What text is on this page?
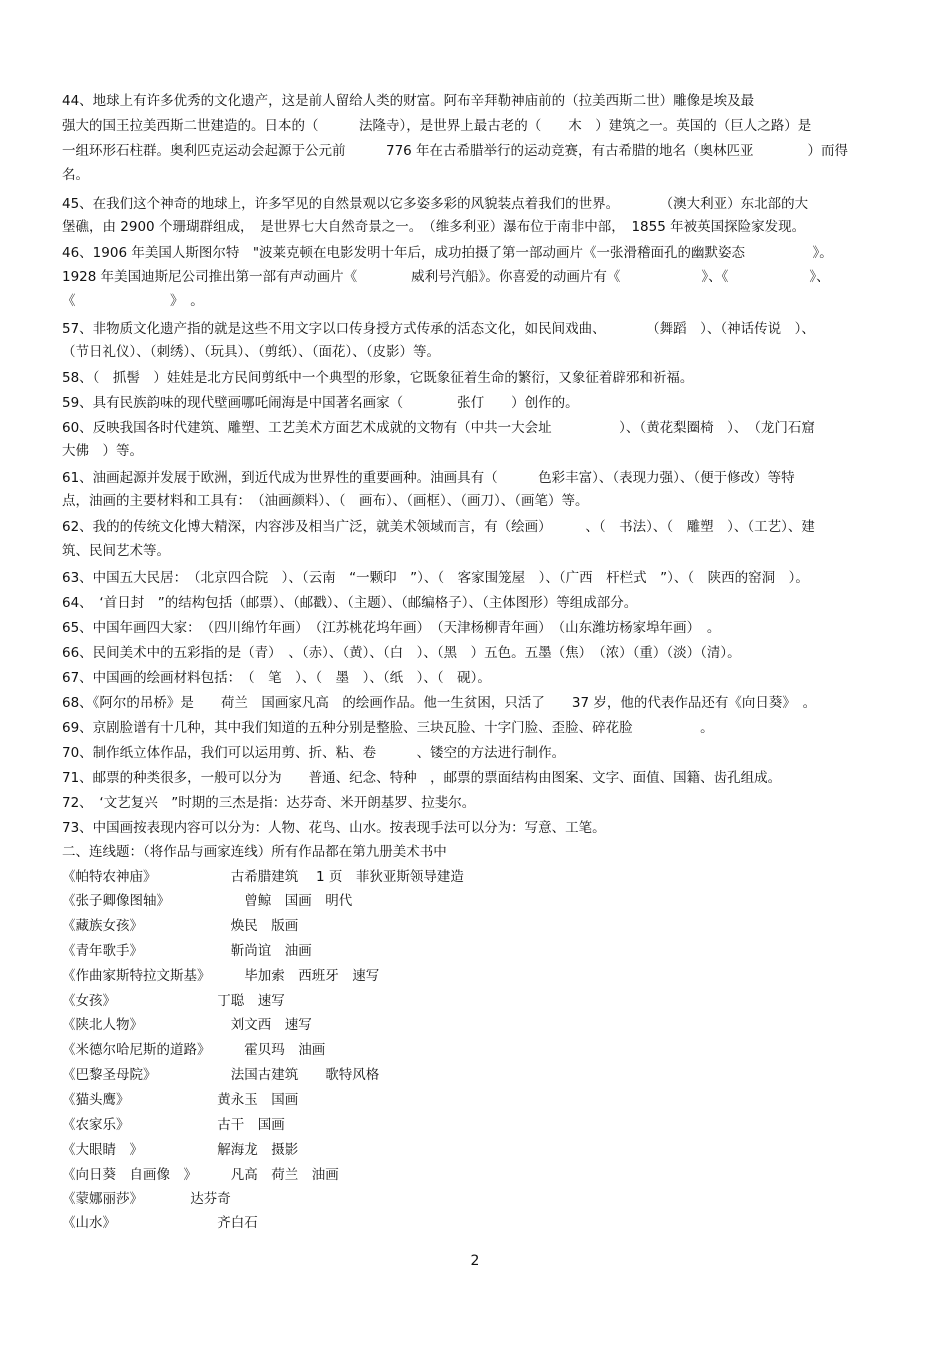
44、地球上有许多优秀的文化遗产，这是前人留给人类的财富。阿布辛拜勒神庙前的（拉美西斯二世）雕像是埃及最

强大的国王拉美西斯二世建造的。日本的（　　　法隆寺），是世界上最古老的（　　木　）建筑之一。英国的（巨人之路）是

一组环形石柱群。奥利匹克运动会起源于公元前　　　776 年在古希腊举行的运动竞赛，有古希腊的地名（奥林匹亚　　　　）而得

名。

45、在我们这个神奇的地球上，许多罕见的自然景观以它多姿多彩的风貌装点着我们的世界。　　　　（澳大利亚）东北部的大

堡礁，由 2900 个珊瑚群组成，　是世界七大自然奇景之一。　（维多利亚）瀑布位于南非中部，　1855 年被英国探险家发现。

46、1906 年美国人斯图尔特　"波莱克顿在电影发明十年后，成功拍摄了第一部动画片《一张滑稽面孔的幽默姿态　　　　　》。

1928 年美国迪斯尼公司推出第一部有声动画片《　　　　威利号汽船》。你喜爱的动画片有《　　　　　　》、《　　　　　　》、

《　　　　　　　》　。

57、非物质文化遗产指的就是这些不用文字以口传身授方式传承的活态文化，如民间戏曲、　　　　（舞蹈　）、（神话传说　）、

（节日礼仪）、（刺绣）、（玩具）、（剪纸）、（面花）、（皮影）等。

58、（　抓髻　）娃娃是北方民间剪纸中一个典型的形象，它既象征着生命的繁衍，又象征着辟邪和祈福。

59、具有民族韵味的现代壁画哪吒闹海是中国著名画家（　　　　张仃　　）创作的。

60、反映我国各时代建筑、雕塑、工艺美术方面艺术成就的文物有（中共一大会址　　　　　）、（黄花梨圈椅　）、　（龙门石窟

大佛　）等。

61、油画起源并发展于欧洲，到近代成为世界性的重要画种。油画具有（　　　色彩丰富）、（表现力强）、（便于修改）等特

点，油画的主要材料和工具有：　（油画颜料）、（　画布）、（画框）、（画刀）、（画笔）等。

62、我的的传统文化博大精深，内容涉及相当广泛，就美术领域而言，有（绘画）　　　、（　书法）、（　雕塑　）、（工艺）、建

筑、民间艺术等。

63、中国五大民居：　（北京四合院　）、（云南　“一颗印　”）、（　客家围笼屋　）、（广西　杆栏式　”）、（　陕西的窑洞　）。

64、　‘首日封　”的结构包括（邮票）、（邮戳）、（主题）、（邮编格子）、（主体图形）等组成部分。

65、中国年画四大家：　（四川绵竹年画）　（江苏桃花坞年画）　（天津杨柳青年画）　（山东潍坊杨家埠年画）　。

66、民间美术中的五彩指的是（青）　、（赤）、（黄）、（白　）、（黑　）五色。五墨（焦）　（浓）（重）（淡）（清）。

67、中国画的绘画材料包括：　（　笔　）、（　墨　）、（纸　）、（　砚）。

68、《阿尔的吊桥》是　　荷兰　国画家凡高　的绘画作品。他一生贫困，只活了　　37 岁，他的代表作品还有《向日葵》　。

69、京剧脸谱有十几种，其中我们知道的五种分别是整脸、三块瓦脸、十字门脸、歪脸、碎花脸　　　　　。

70、制作纸立体作品，我们可以运用剪、折、粘、卷　　　、镂空的方法进行制作。

71、邮票的种类很多，一般可以分为　　普通、纪念、特种　，邮票的票面结构由图案、文字、面值、国籍、齿孔组成。

72、　‘文艺复兴　”时期的三杰是指：达芬奇、米开朗基罗、拉斐尔。

73、中国画按表现内容可以分为：人物、花鸟、山水。按表现手法可以分为：写意、工笔。

二、连线题：（将作品与画家连线）所有作品都在第九册美术书中

《帕特农神庙》　　　　　　古希腊建筑　 1 页　菲狄亚斯领导建造

《张子卿像图轴》　　　　　　曾鲸　国画　明代

《藏族女孩》　　　　　　　焕民　版画

《青年歌手》　　　　　　　靳尚谊　油画

《作曲家斯特拉文斯基》　　　毕加索　西班牙　速写

《女孩》　　　　　　　　丁聪　速写

《陕北人物》　　　　　　　刘文西　速写

《米德尔哈尼斯的道路》　　　霍贝玛　油画

《巴黎圣母院》　　　　　　法国古建筑　　歌特风格

《猫头鹰》　　　　　　　黄永玉　国画

《农家乐》　　　　　　　古干　国画

《大眼睛　》　　　　　　解海龙　摄影

《向日葵　自画像　》　　　凡高　荷兰　油画

《蒙娜丽莎》　　　　达芬奇

《山水》　　　　　　　　齐白石

2
